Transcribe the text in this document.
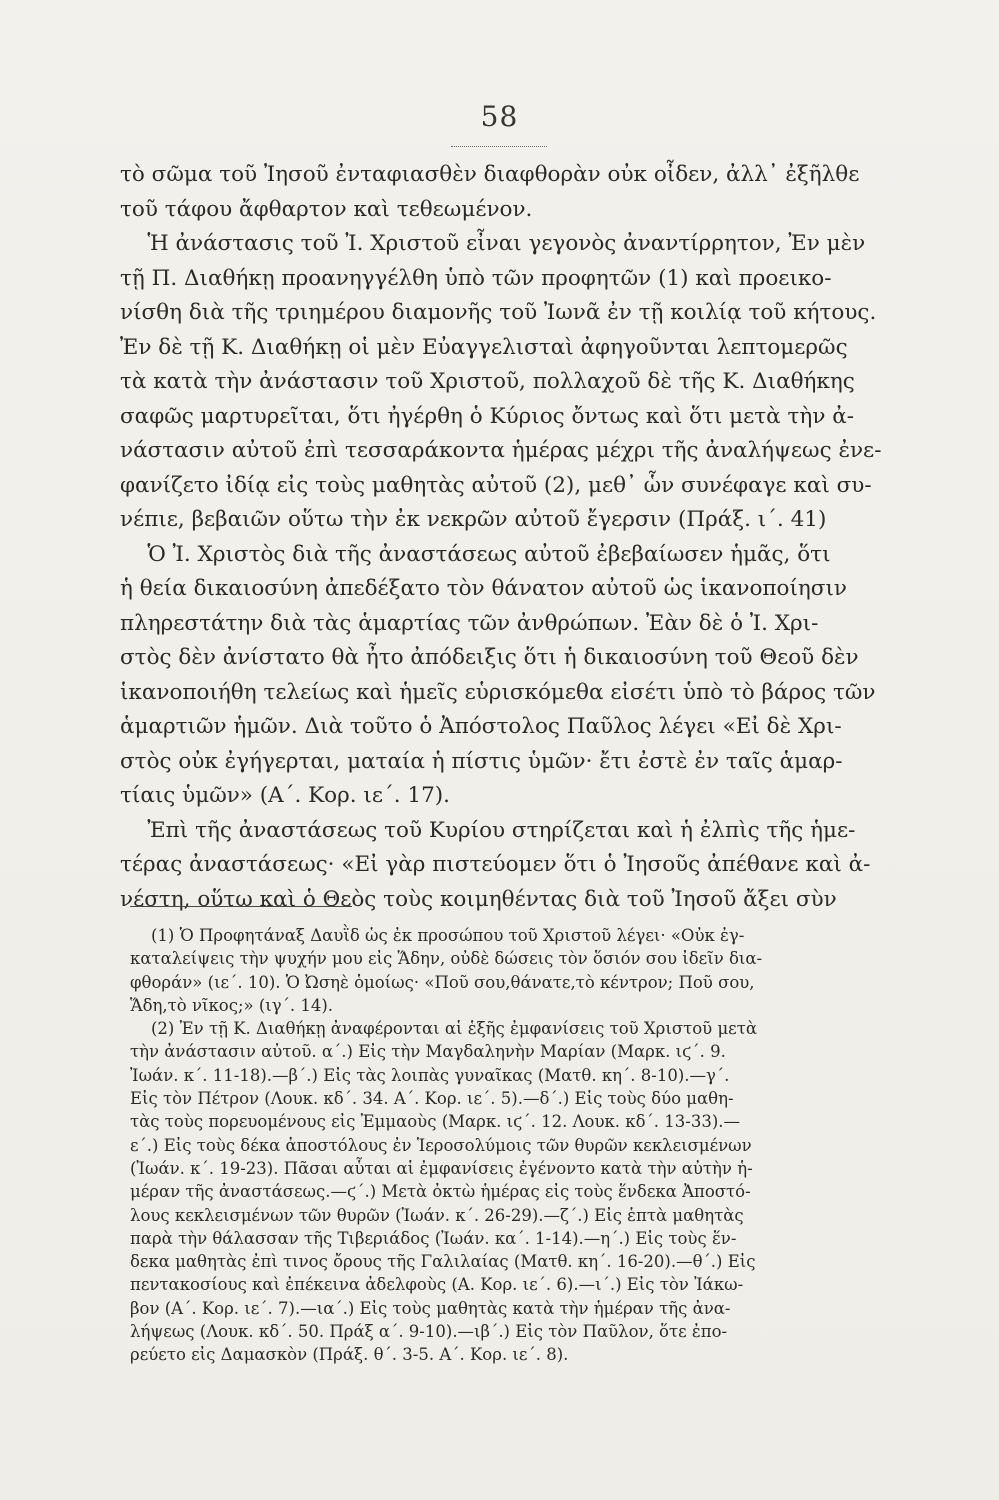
58
τὸ σῶμα τοῦ Ἰησοῦ ἐνταφιασθὲν διαφθορὰν οὐκ οἶδεν, ἀλλ᾽ ἐξῆλθε
τοῦ τάφου ἄφθαρτον καὶ τεθεωμένον.
Ἡ ἀνάστασις τοῦ Ἰ. Χριστοῦ εἶναι γεγονὸς ἀναντίρρητον, Ἐν μὲν
τῇ Π. Διαθήκῃ προανηγγέλθη ὑπὸ τῶν προφητῶν (1) καὶ προεικο-
νίσθη διὰ τῆς τριημέρου διαμονῆς τοῦ Ἰωνᾶ ἐν τῇ κοιλίᾳ τοῦ κήτους.
Ἐν δὲ τῇ Κ. Διαθήκῃ οἱ μὲν Εὐαγγελισταὶ ἀφηγοῦνται λεπτομερῶς
τὰ κατὰ τὴν ἀνάστασιν τοῦ Χριστοῦ, πολλαχοῦ δὲ τῆς Κ. Διαθήκης
σαφῶς μαρτυρεῖται, ὅτι ἠγέρθη ὁ Κύριος ὄντως καὶ ὅτι μετὰ τὴν ἀ-
νάστασιν αὐτοῦ ἐπὶ τεσσαράκοντα ἡμέρας μέχρι τῆς ἀναλήψεως ἐνε-
φανίζετο ἰδίᾳ εἰς τοὺς μαθητὰς αὐτοῦ (2), μεθ᾽ ὧν συνέφαγε καὶ συ-
νέπιε, βεβαιῶν οὕτω τὴν ἐκ νεκρῶν αὐτοῦ ἔγερσιν (Πράξ. ι΄. 41)
Ὁ Ἰ. Χριστὸς διὰ τῆς ἀναστάσεως αὐτοῦ ἐβεβαίωσεν ἡμᾶς, ὅτι
ἡ θεία δικαιοσύνη ἀπεδέξατο τὸν θάνατον αὐτοῦ ὡς ἱκανοποίησιν
πληρεστάτην διὰ τὰς ἁμαρτίας τῶν ἀνθρώπων. Ἐὰν δὲ ὁ Ἰ. Χρι-
στὸς δὲν ἀνίστατο θὰ ἦτο ἀπόδειξις ὅτι ἡ δικαιοσύνη τοῦ Θεοῦ δὲν
ἱκανοποιήθη τελείως καὶ ἡμεῖς εὑρισκόμεθα εἰσέτι ὑπὸ τὸ βάρος τῶν
ἁμαρτιῶν ἡμῶν. Διὰ τοῦτο ὁ Ἀπόστολος Παῦλος λέγει «Εἰ δὲ Χρι-
στὸς οὐκ ἐγήγερται, ματαία ἡ πίστις ὑμῶν· ἔτι ἐστὲ ἐν ταῖς ἁμαρ-
τίαις ὑμῶν» (Α΄. Κορ. ιε΄. 17).
Ἐπὶ τῆς ἀναστάσεως τοῦ Κυρίου στηρίζεται καὶ ἡ ἐλπὶς τῆς ἡμε-
τέρας ἀναστάσεως· «Εἰ γὰρ πιστεύομεν ὅτι ὁ Ἰησοῦς ἀπέθανε καὶ ἀ-
νέστη, οὕτω καὶ ὁ Θεὸς τοὺς κοιμηθέντας διὰ τοῦ Ἰησοῦ ἄξει σὺν
(1) Ὁ Προφητάναξ Δαυῒδ ὡς ἐκ προσώπου τοῦ Χριστοῦ λέγει· «Οὐκ ἐγ-
καταλείψεις τὴν ψυχήν μου εἰς Ἅδην, οὐδὲ δώσεις τὸν ὅσιόν σου ἰδεῖν δια-
φθοράν» (ιε΄. 10). Ὁ Ὠσηὲ ὁμοίως· «Ποῦ σου,θάνατε,τὸ κέντρον; Ποῦ σου,
Ἅδη,τὸ νῖκος;» (ιγ΄. 14).
(2) Ἐν τῇ Κ. Διαθήκῃ ἀναφέρονται αἱ ἑξῆς ἐμφανίσεις τοῦ Χριστοῦ μετὰ
τὴν ἀνάστασιν αὐτοῦ. α΄.) Εἰς τὴν Μαγδαληνὴν Μαρίαν (Μαρκ. ιϛ΄. 9.
Ἰωάν. κ΄. 11-18).—β΄.) Εἰς τὰς λοιπὰς γυναῖκας (Ματθ. κη΄. 8-10).—γ΄.
Εἰς τὸν Πέτρον (Λουκ. κδ΄. 34. Α΄. Κορ. ιε΄. 5).—δ΄.) Εἰς τοὺς δύο μαθη-
τὰς τοὺς πορευομένους εἰς Ἐμμαοὺς (Μαρκ. ιϛ΄. 12. Λουκ. κδ΄. 13-33).—
ε΄.) Εἰς τοὺς δέκα ἀποστόλους ἐν Ἱεροσολύμοις τῶν θυρῶν κεκλεισμένων
(Ἰωάν. κ΄. 19-23). Πᾶσαι αὗται αἱ ἐμφανίσεις ἐγένοντο κατὰ τὴν αὐτὴν ἡ-
μέραν τῆς ἀναστάσεως.—ϛ΄.) Μετὰ ὀκτὼ ἡμέρας εἰς τοὺς ἕνδεκα Ἀποστό-
λους κεκλεισμένων τῶν θυρῶν (Ἰωάν. κ΄. 26-29).—ζ΄.) Εἰς ἑπτὰ μαθητὰς
παρὰ τὴν θάλασσαν τῆς Τιβεριάδος (Ἰωάν. κα΄. 1-14).—η΄.) Εἰς τοὺς ἕν-
δεκα μαθητὰς ἐπὶ τινος ὄρους τῆς Γαλιλαίας (Ματθ. κη΄. 16-20).—θ΄.) Εἰς
πεντακοσίους καὶ ἐπέκεινα ἀδελφοὺς (Α. Κορ. ιε΄. 6).—ι΄.) Εἰς τὸν Ἰάκω-
βον (Α΄. Κορ. ιε΄. 7).—ια΄.) Εἰς τοὺς μαθητὰς κατὰ τὴν ἡμέραν τῆς ἀνα-
λήψεως (Λουκ. κδ΄. 50. Πράξ α΄. 9-10).—ιβ΄.) Εἰς τὸν Παῦλον, ὅτε ἐπο-
ρεύετο εἰς Δαμασκὸν (Πράξ. θ΄. 3-5. Α΄. Κορ. ιε΄. 8).
